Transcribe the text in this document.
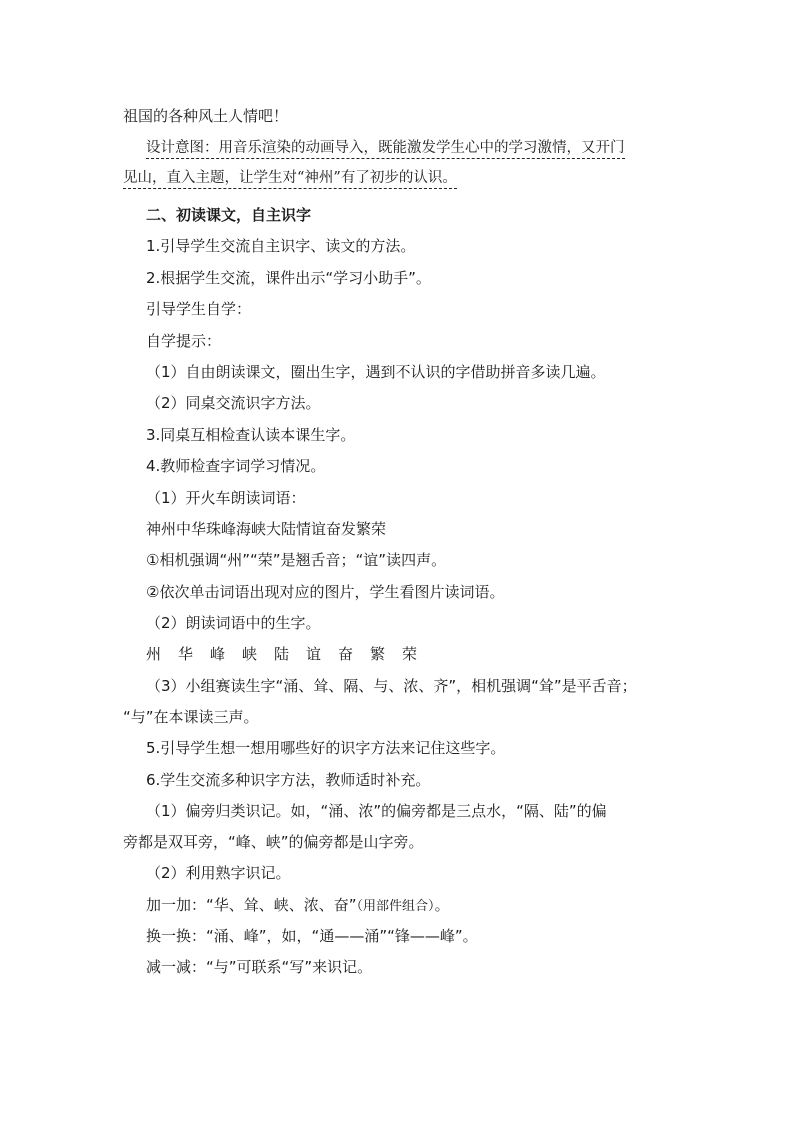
祖国的各种风土人情吧！
设计意图：用音乐渲染的动画导入，既能激发学生心中的学习激情，又开门
见山，直入主题，让学生对“神州”有了初步的认识。
二、初读课文，自主识字
1.引导学生交流自主识字、读文的方法。
2.根据学生交流，课件出示“学习小助手”。
引导学生自学：
自学提示：
（1）自由朗读课文，圈出生字，遇到不认识的字借助拼音多读几遍。
（2）同桌交流识字方法。
3.同桌互相检查认读本课生字。
4.教师检查字词学习情况。
（1）开火车朗读词语：
神州中华珠峰海峡大陆情谊奋发繁荣
①相机强调“州”“荣”是翘舌音；“谊”读四声。
②依次单击词语出现对应的图片，学生看图片读词语。
（2）朗读词语中的生字。
州 华 峰 峡 陆 谊 奋 繁 荣
（3）小组赛读生字“涌、耸、隔、与、浓、齐”，相机强调“耸”是平舌音；
“与”在本课读三声。
5.引导学生想一想用哪些好的识字方法来记住这些字。
6.学生交流多种识字方法，教师适时补充。
（1）偏旁归类识记。如，“涌、浓”的偏旁都是三点水，“隔、陆”的偏
旁都是双耳旁，“峰、峡”的偏旁都是山字旁。
（2）利用熟字识记。
加一加：“华、耸、峡、浓、奋”（用部件组合）。
换一换：“涌、峰”，如，“通——涌”“锋——峰”。
减一减：“与”可联系“写”来识记。
